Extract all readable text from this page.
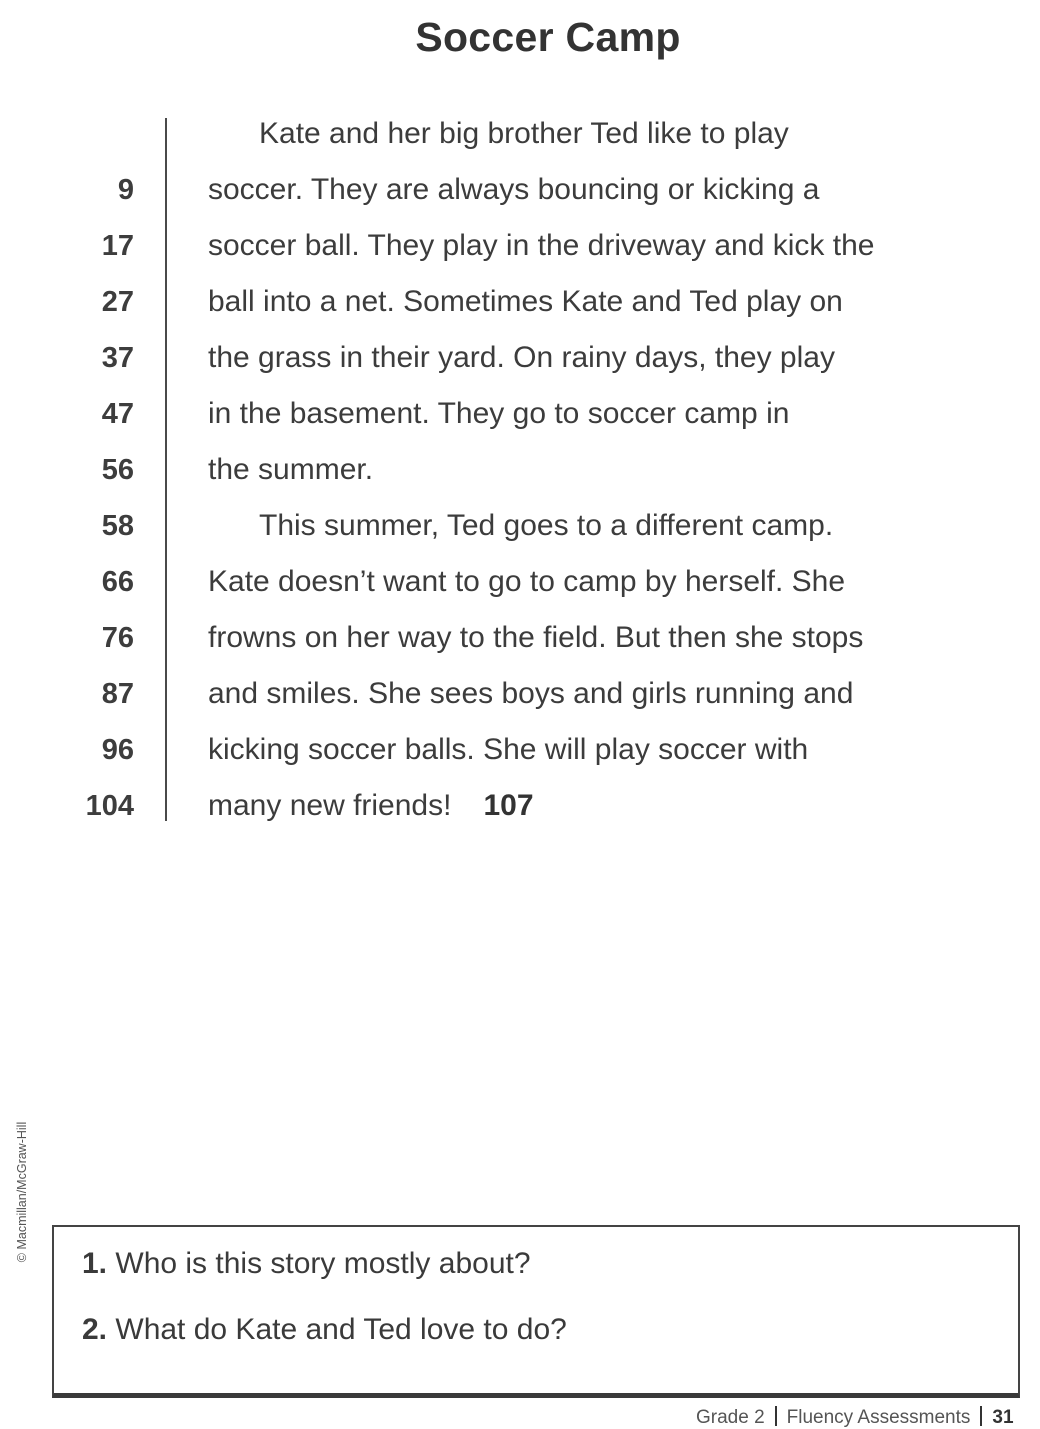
Soccer Camp
9
17
27
37
47
56
58
66
76
87
96
104
Kate and her big brother Ted like to play
soccer. They are always bouncing or kicking a
soccer ball. They play in the driveway and kick the
ball into a net. Sometimes Kate and Ted play on
the grass in their yard. On rainy days, they play
in the basement. They go to soccer camp in
the summer.
This summer, Ted goes to a different camp.
Kate doesn’t want to go to camp by herself. She
frowns on her way to the field. But then she stops
and smiles. She sees boys and girls running and
kicking soccer balls. She will play soccer with
many new friends! 107
© Macmillan/McGraw-Hill
1. Who is this story mostly about?
2. What do Kate and Ted love to do?
Grade 2 Fluency Assessments 31
